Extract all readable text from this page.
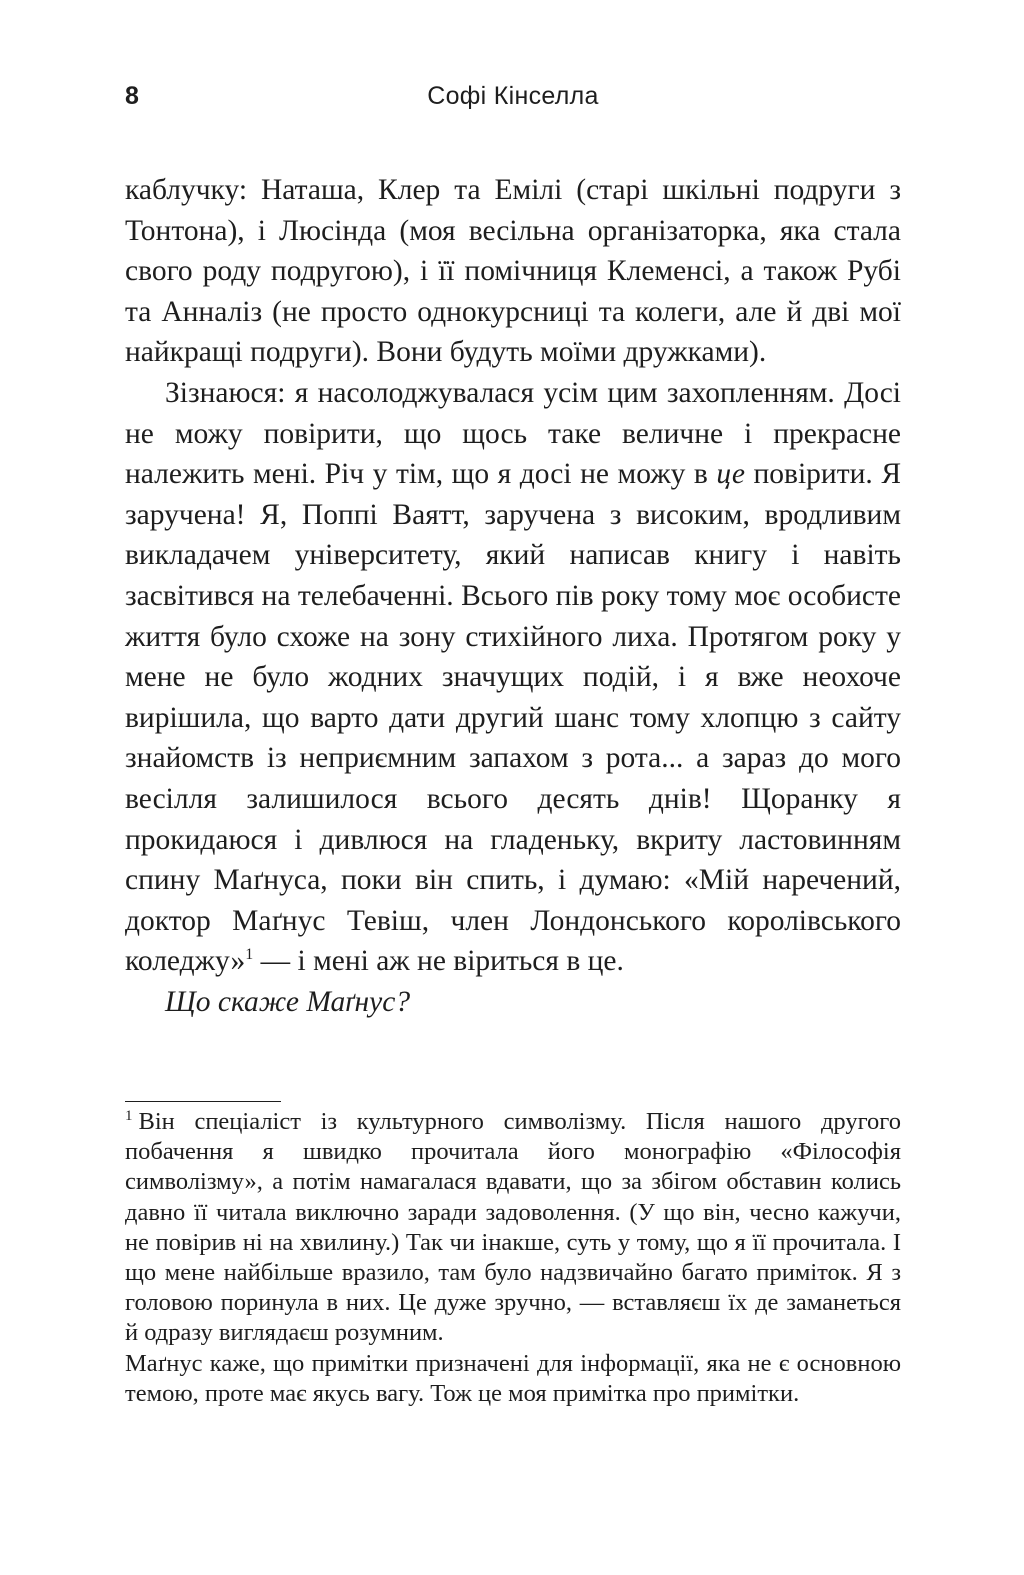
8	Софі Кінселла

каблучку: Наташа, Клер та Емілі (старі шкільні подруги з Тонтона), і Люсінда (моя весільна організаторка, яка стала свого роду подругою), і її помічниця Клеменсі, а також Рубі та Анналіз (не просто однокурсниці та колеги, але й дві мої найкращі подруги). Вони будуть моїми дружками).

Зізнаюся: я насолоджувалася усім цим захопленням. Досі не можу повірити, що щось таке величне і прекрасне належить мені. Річ у тім, що я досі не можу в це повірити. Я заручена! Я, Поппі Ваятт, заручена з високим, вродливим викладачем університету, який написав книгу і навіть засвітився на телебаченні. Всього пів року тому моє особисте життя було схоже на зону стихійного лиха. Протягом року у мене не було жодних значущих подій, і я вже неохоче вирішила, що варто дати другий шанс тому хлопцю з сайту знайомств із неприємним запахом з рота... а зараз до мого весілля залишилося всього десять днів! Щоранку я прокидаюся і дивлюся на гладеньку, вкриту ластовинням спину Маґнуса, поки він спить, і думаю: «Мій наречений, доктор Маґнус Тевіш, член Лондонського королівського коледжу»$^1$ — і мені аж не віриться в це.

Що скаже Маґнус?

$^1$ Він спеціаліст із культурного символізму. Після нашого другого побачення я швидко прочитала його монографію «Філософія символізму», а потім намагалася вдавати, що за збігом обставин колись давно її читала виключно заради задоволення. (У що він, чесно кажучи, не повірив ні на хвилину.) Так чи інакше, суть у тому, що я її прочитала. І що мене найбільше вразило, там було надзвичайно багато приміток. Я з головою поринула в них. Це дуже зручно, — вставляєш їх де заманеться й одразу виглядаєш розумним.

Маґнус каже, що примітки призначені для інформації, яка не є основною темою, проте має якусь вагу. Тож це моя примітка про примітки.
